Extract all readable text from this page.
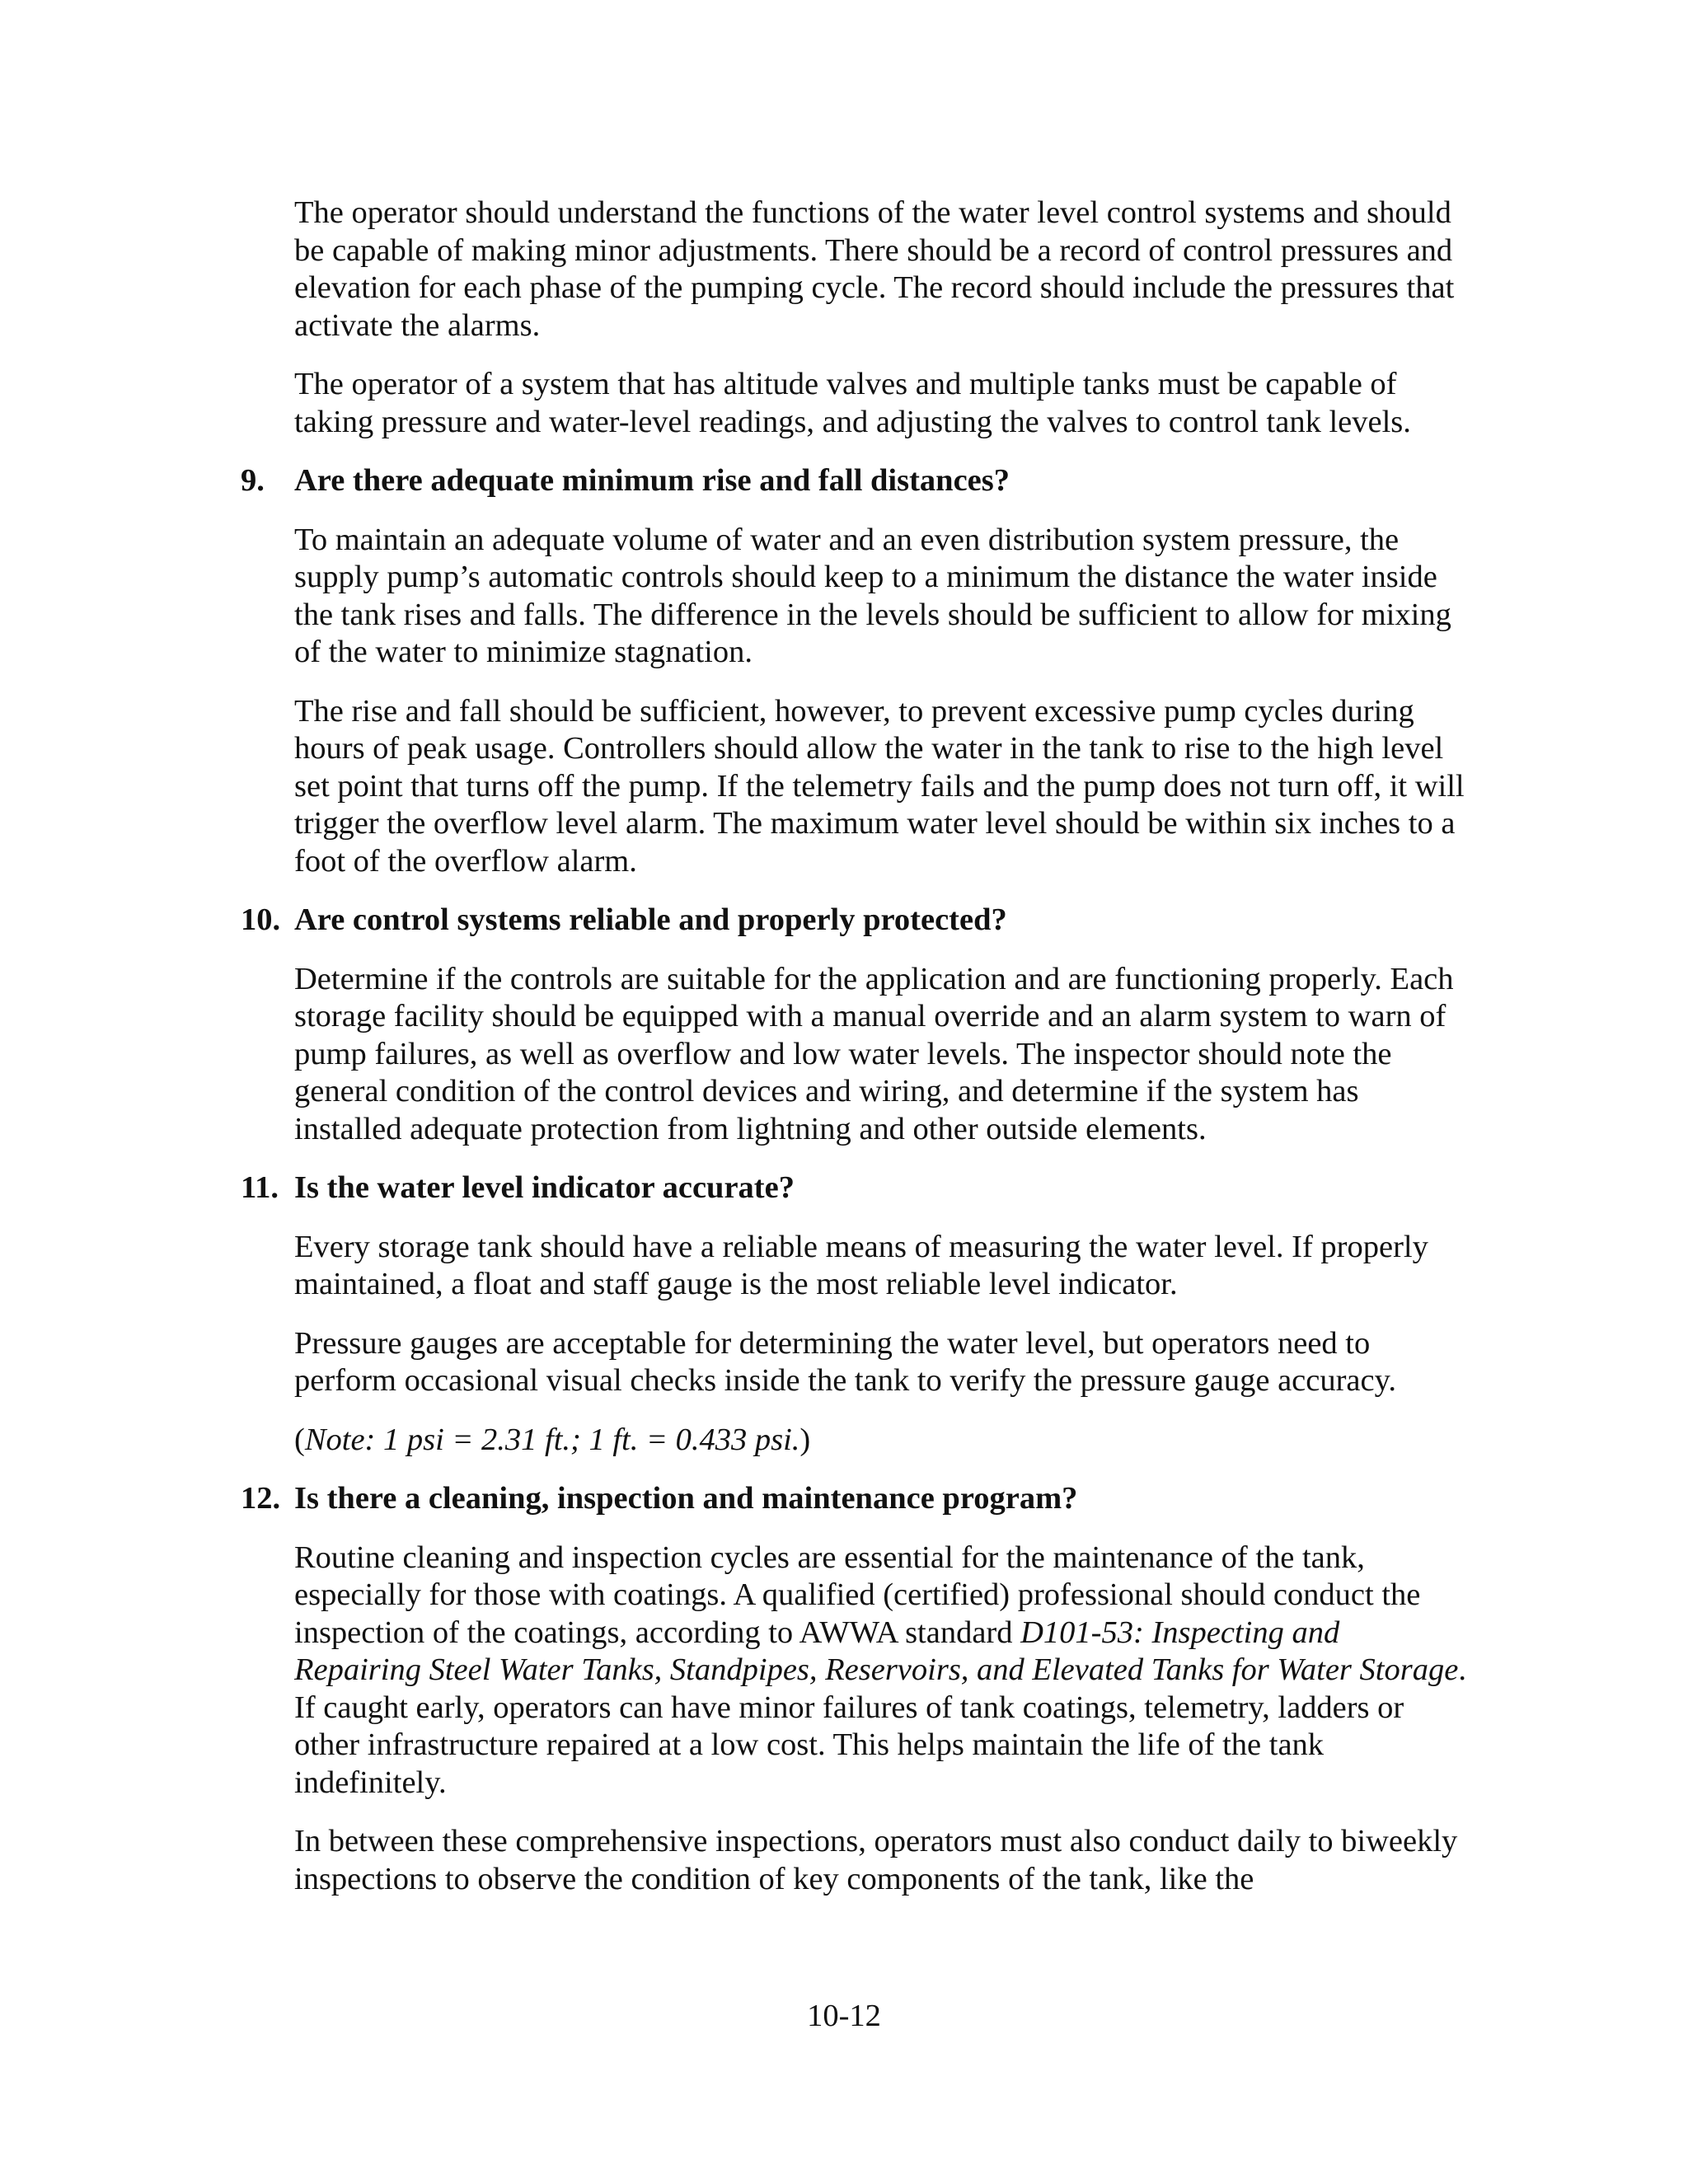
The operator should understand the functions of the water level control systems and should be capable of making minor adjustments. There should be a record of control pressures and elevation for each phase of the pumping cycle. The record should include the pressures that activate the alarms.

The operator of a system that has altitude valves and multiple tanks must be capable of taking pressure and water-level readings, and adjusting the valves to control tank levels.

9. Are there adequate minimum rise and fall distances?

To maintain an adequate volume of water and an even distribution system pressure, the supply pump’s automatic controls should keep to a minimum the distance the water inside the tank rises and falls. The difference in the levels should be sufficient to allow for mixing of the water to minimize stagnation.

The rise and fall should be sufficient, however, to prevent excessive pump cycles during hours of peak usage. Controllers should allow the water in the tank to rise to the high level set point that turns off the pump. If the telemetry fails and the pump does not turn off, it will trigger the overflow level alarm. The maximum water level should be within six inches to a foot of the overflow alarm.

10. Are control systems reliable and properly protected?

Determine if the controls are suitable for the application and are functioning properly. Each storage facility should be equipped with a manual override and an alarm system to warn of pump failures, as well as overflow and low water levels. The inspector should note the general condition of the control devices and wiring, and determine if the system has installed adequate protection from lightning and other outside elements.

11. Is the water level indicator accurate?

Every storage tank should have a reliable means of measuring the water level. If properly maintained, a float and staff gauge is the most reliable level indicator.

Pressure gauges are acceptable for determining the water level, but operators need to perform occasional visual checks inside the tank to verify the pressure gauge accuracy.

(Note: 1 psi = 2.31 ft.; 1 ft. = 0.433 psi.)

12. Is there a cleaning, inspection and maintenance program?

Routine cleaning and inspection cycles are essential for the maintenance of the tank, especially for those with coatings. A qualified (certified) professional should conduct the inspection of the coatings, according to AWWA standard D101-53: Inspecting and Repairing Steel Water Tanks, Standpipes, Reservoirs, and Elevated Tanks for Water Storage. If caught early, operators can have minor failures of tank coatings, telemetry, ladders or other infrastructure repaired at a low cost. This helps maintain the life of the tank indefinitely.

In between these comprehensive inspections, operators must also conduct daily to biweekly inspections to observe the condition of key components of the tank, like the

10-12
